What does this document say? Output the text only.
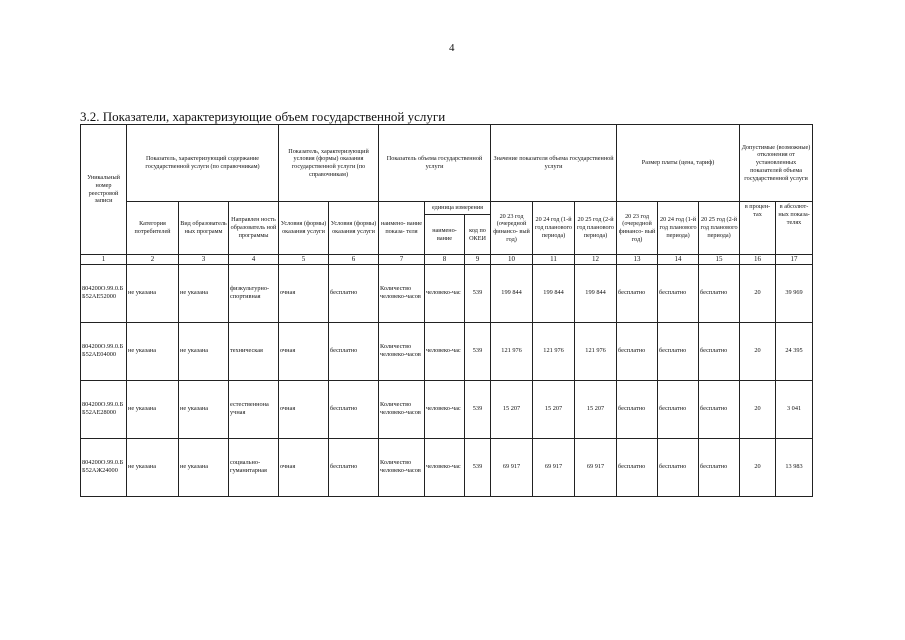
4
3.2. Показатели, характеризующие объем государственной услуги
Уникальный номер реестровой записи	Показатель, характеризующий содержание государственной услуги (по справочникам)			Показатель, характеризующий условия (формы) оказания государственной услуги (по справочникам)		Показатель объема государственной услуги			Значение показателя объема государственной услуги			Размер платы (цена, тариф)			Допустимые (возможные) отклонения от установленных показателей объема государственной услуги	
	Категория потребителей	Вид образователь ных программ	Направлен ность образователь ной программы	Условия (формы) оказания услуги	Условия (формы) оказания услуги	наимено- вание показа- теля	единица измерения		20 23 год (очередной финансо- вый год)	20 24 год (1-й год планового периода)	20 25 год (2-й год планового периода)	20 23 год (очередной финансо- вый год)	20 24 год (1-й год планового периода)	20 25 год (2-й год планового периода)	в процен- тах	в абсолют- ных показа- телях
							наимено- вание	код по ОКЕИ								
1	2	3	4	5	6	7	8	9	10	11	12	13	14	15	16	17
804200О.99.0.ББ52АЕ52000	не указана	не указана	физкультурно-спортивная	очная	бесплатно	Количество человеко-часов	человеко-час	539	199 844	199 844	199 844	бесплатно	бесплатно	бесплатно	20	39 969
804200О.99.0.ББ52АЕ04000	не указана	не указана	техническая	очная	бесплатно	Количество человеко-часов	человеко-час	539	121 976	121 976	121 976	бесплатно	бесплатно	бесплатно	20	24 395
804200О.99.0.ББ52АЕ28000	не указана	не указана	естественнона учная	очная	бесплатно	Количество человеко-часов	человеко-час	539	15 207	15 207	15 207	бесплатно	бесплатно	бесплатно	20	3 041
804200О.99.0.ББ52АЖ24000	не указана	не указана	социально-гуманитарная	очная	бесплатно	Количество человеко-часов	человеко-час	539	69 917	69 917	69 917	бесплатно	бесплатно	бесплатно	20	13 983
